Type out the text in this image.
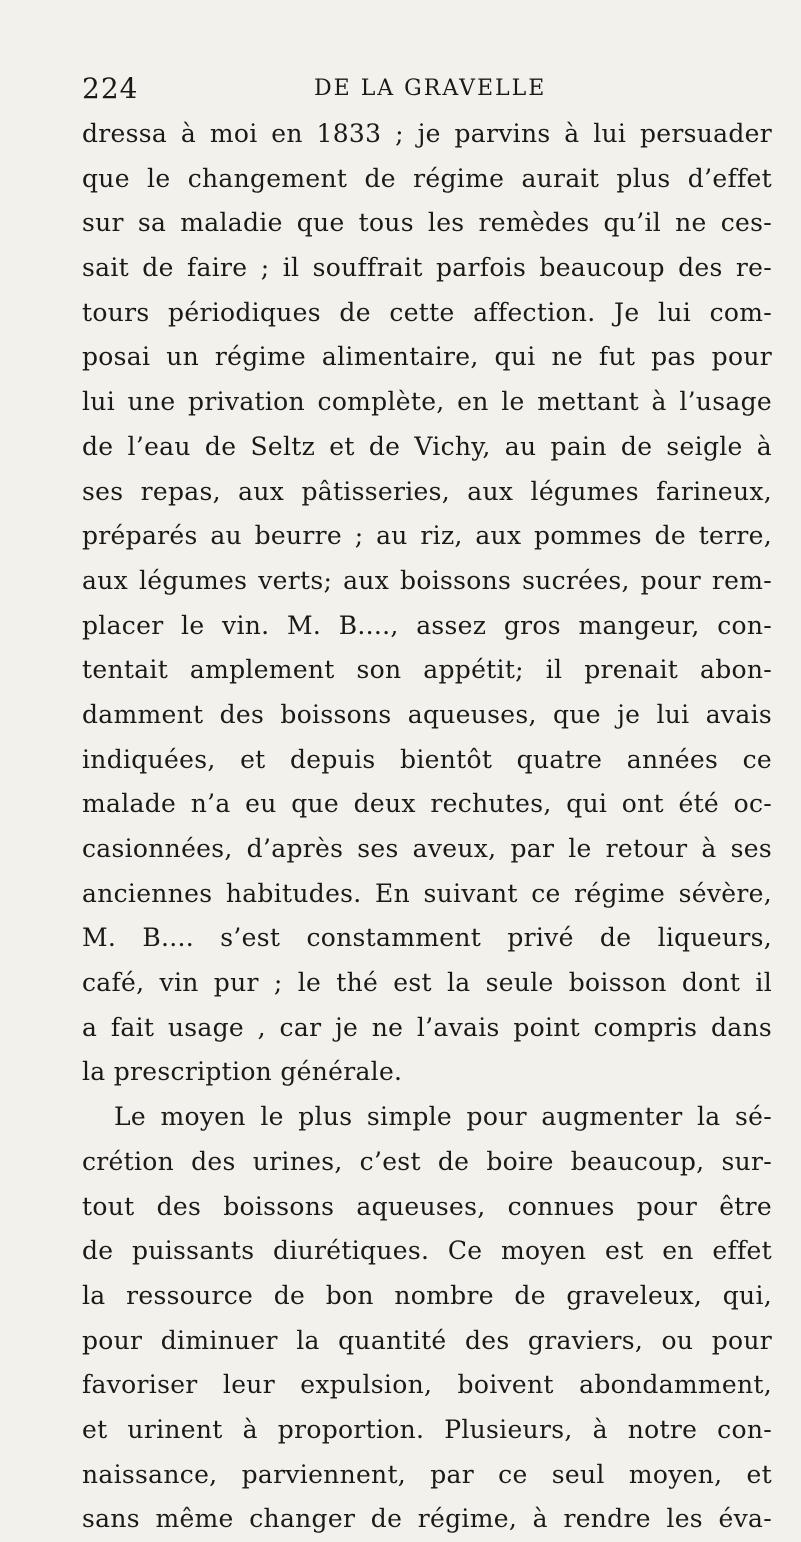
224	DE LA GRAVELLE
dressa à moi en 1833 ; je parvins à lui persuader
que le changement de régime aurait plus d’effet
sur sa maladie que tous les remèdes qu’il ne ces-
sait de faire ; il souffrait parfois beaucoup des re-
tours périodiques de cette affection. Je lui com-
posai un régime alimentaire, qui ne fut pas pour
lui une privation complète, en le mettant à l’usage
de l’eau de Seltz et de Vichy, au pain de seigle à
ses repas, aux pâtisseries, aux légumes farineux,
préparés au beurre ; au riz, aux pommes de terre,
aux légumes verts; aux boissons sucrées, pour rem-
placer le vin. M. B...., assez gros mangeur, con-
tentait amplement son appétit; il prenait abon-
damment des boissons aqueuses, que je lui avais
indiquées, et depuis bientôt quatre années ce
malade n’a eu que deux rechutes, qui ont été oc-
casionnées, d’après ses aveux, par le retour à ses
anciennes habitudes. En suivant ce régime sévère,
M. B.... s’est constamment privé de liqueurs,
café, vin pur ; le thé est la seule boisson dont il
a fait usage , car je ne l’avais point compris dans
la prescription générale.
Le moyen le plus simple pour augmenter la sé-
crétion des urines, c’est de boire beaucoup, sur-
tout des boissons aqueuses, connues pour être
de puissants diurétiques. Ce moyen est en effet
la ressource de bon nombre de graveleux, qui,
pour diminuer la quantité des graviers, ou pour
favoriser leur expulsion, boivent abondamment,
et urinent à proportion. Plusieurs, à notre con-
naissance, parviennent, par ce seul moyen, et
sans même changer de régime, à rendre les éva-
